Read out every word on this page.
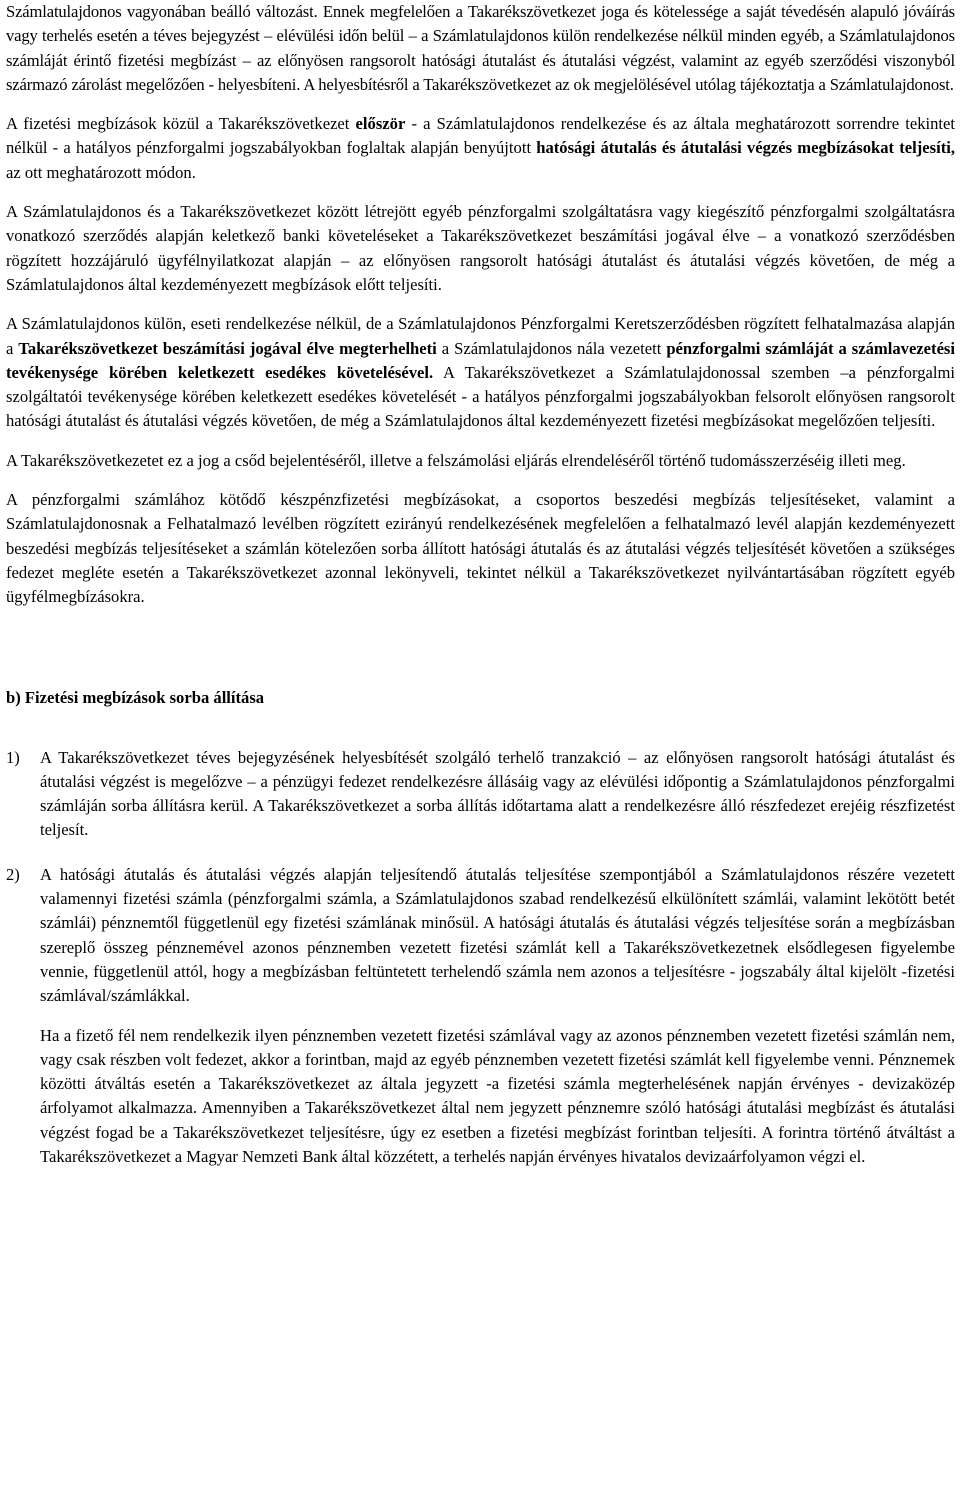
Számlatulajdonos vagyonában beálló változást. Ennek megfelelően a Takarékszövetkezet joga és kötelessége a saját tévedésén alapuló jóváírás vagy terhelés esetén a téves bejegyzést – elévülési időn belül – a Számlatulajdonos külön rendelkezése nélkül minden egyéb, a Számlatulajdonos számláját érintő fizetési megbízást – az előnyösen rangsorolt hatósági átutalást és átutalási végzést, valamint az egyéb szerződési viszonyból származó zárolást megelőzően - helyesbíteni. A helyesbítésről a Takarékszövetkezet az ok megjelölésével utólag tájékoztatja a Számlatulajdonost.

A fizetési megbízások közül a Takarékszövetkezet először - a Számlatulajdonos rendelkezése és az általa meghatározott sorrendre tekintet nélkül - a hatályos pénzforgalmi jogszabályokban foglaltak alapján benyújtott hatósági átutalás és átutalási végzés megbízásokat teljesíti, az ott meghatározott módon.

A Számlatulajdonos és a Takarékszövetkezet között létrejött egyéb pénzforgalmi szolgáltatásra vagy kiegészítő pénzforgalmi szolgáltatásra vonatkozó szerződés alapján keletkező banki követeléseket a Takarékszövetkezet beszámítási jogával élve – a vonatkozó szerződésben rögzített hozzájáruló ügyfélnyilatkozat alapján – az előnyösen rangsorolt hatósági átutalást és átutalási végzés követően, de még a Számlatulajdonos által kezdeményezett megbízások előtt teljesíti.

A Számlatulajdonos külön, eseti rendelkezése nélkül, de a Számlatulajdonos Pénzforgalmi Keretszerződésben rögzített felhatalmazása alapján a Takarékszövetkezet beszámítási jogával élve megterhelheti a Számlatulajdonos nála vezetett pénzforgalmi számláját a számlavezetési tevékenysége körében keletkezett esedékes követelésével. A Takarékszövetkezet a Számlatulajdonossal szemben –a pénzforgalmi szolgáltatói tevékenysége körében keletkezett esedékes követelését - a hatályos pénzforgalmi jogszabályokban felsorolt előnyösen rangsorolt hatósági átutalást és átutalási végzés követően, de még a Számlatulajdonos által kezdeményezett fizetési megbízásokat megelőzően teljesíti.

A Takarékszövetkezetet ez a jog a csőd bejelentéséről, illetve a felszámolási eljárás elrendeléséről történő tudomásszerzéséig illeti meg.

A pénzforgalmi számlához kötődő készpénzfizetési megbízásokat, a csoportos beszedési megbízás teljesítéseket, valamint a Számlatulajdonosnak a Felhatalmazó levélben rögzített ezirányú rendelkezésének megfelelően a felhatalmazó levél alapján kezdeményezett beszedési megbízás teljesítéseket a számlán kötelezően sorba állított hatósági átutalás és az átutalási végzés teljesítését követően a szükséges fedezet megléte esetén a Takarékszövetkezet azonnal lekönyveli, tekintet nélkül a Takarékszövetkezet nyilvántartásában rögzített egyéb ügyfélmegbízásokra.

b) Fizetési megbízások sorba állítása

1)	A Takarékszövetkezet téves bejegyzésének helyesbítését szolgáló terhelő tranzakció – az előnyösen rangsorolt hatósági átutalást és átutalási végzést is megelőzve – a pénzügyi fedezet rendelkezésre állásáig vagy az elévülési időpontig a Számlatulajdonos pénzforgalmi számláján sorba állításra kerül. A Takarékszövetkezet a sorba állítás időtartama alatt a rendelkezésre álló részfedezet erejéig részfizetést teljesít.

2)	A hatósági átutalás és átutalási végzés alapján teljesítendő átutalás teljesítése szempontjából a Számlatulajdonos részére vezetett valamennyi fizetési számla (pénzforgalmi számla, a Számlatulajdonos szabad rendelkezésű elkülönített számlái, valamint lekötött betét számlái) pénznemtől függetlenül egy fizetési számlának minősül. A hatósági átutalás és átutalási végzés teljesítése során a megbízásban szereplő összeg pénznemével azonos pénznemben vezetett fizetési számlát kell a Takarékszövetkezetnek elsődlegesen figyelembe vennie, függetlenül attól, hogy a megbízásban feltüntetett terhelendő számla nem azonos a teljesítésre - jogszabály által kijelölt -fizetési számlával/számlákkal.

Ha a fizető fél nem rendelkezik ilyen pénznemben vezetett fizetési számlával vagy az azonos pénznemben vezetett fizetési számlán nem, vagy csak részben volt fedezet, akkor a forintban, majd az egyéb pénznemben vezetett fizetési számlát kell figyelembe venni. Pénznemek közötti átváltás esetén a Takarékszövetkezet az általa jegyzett -a fizetési számla megterhelésének napján érvényes - devizaközép árfolyamot alkalmazza. Amennyiben a Takarékszövetkezet által nem jegyzett pénznemre szóló hatósági átutalási megbízást és átutalási végzést fogad be a Takarékszövetkezet teljesítésre, úgy ez esetben a fizetési megbízást forintban teljesíti. A forintra történő átváltást a Takarékszövetkezet a Magyar Nemzeti Bank által közzétett, a terhelés napján érvényes hivatalos devizaárfolyamon végzi el.
